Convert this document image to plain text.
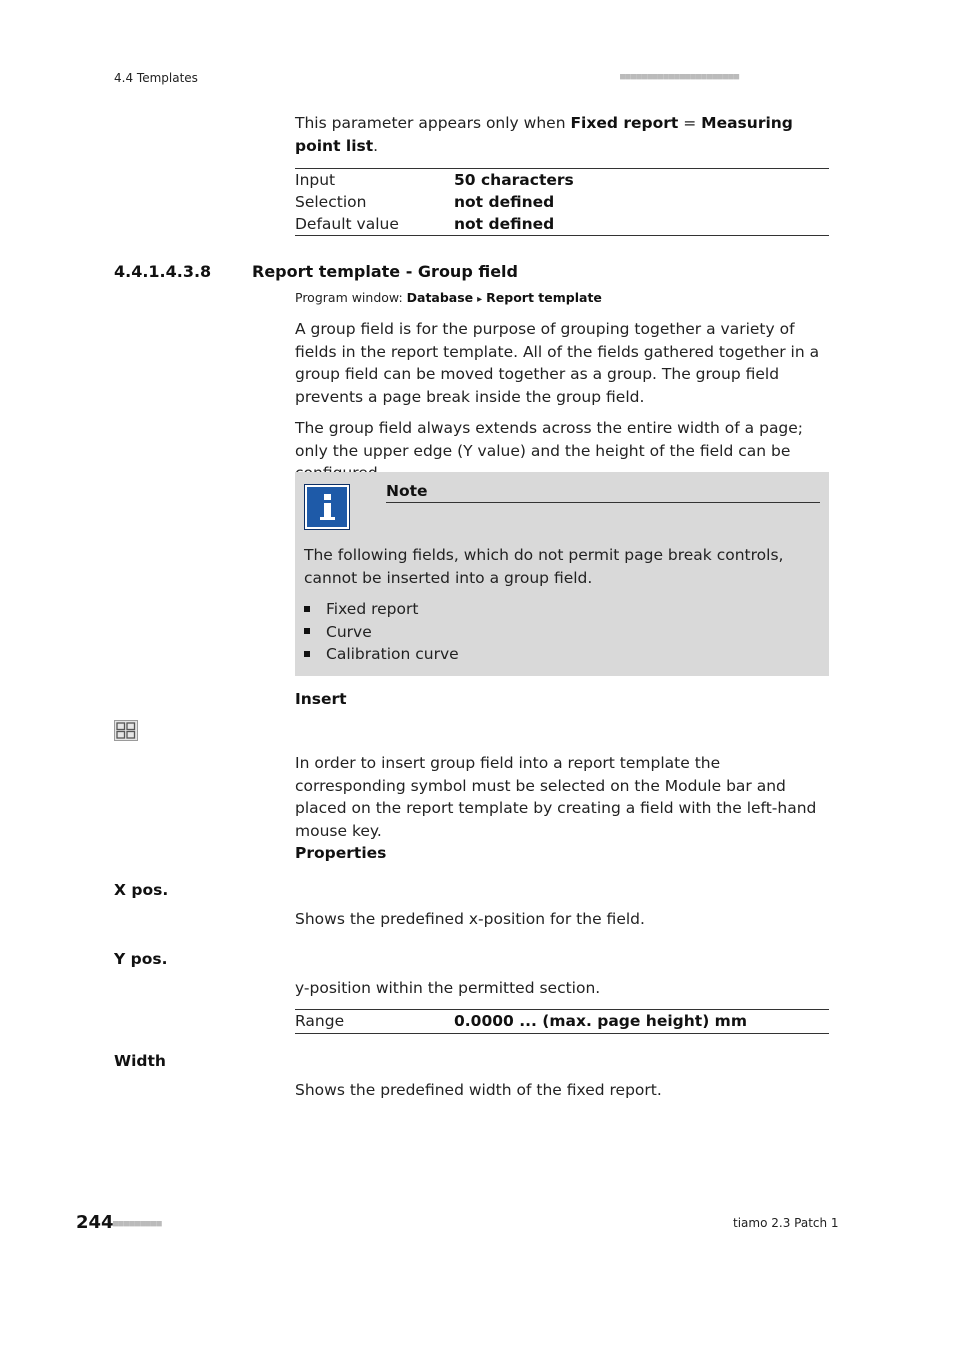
4.4 Templates	■■■■■■■■■■■■■■■■■■■■■■
This parameter appears only when Fixed report = Measuring point list.
Input	50 characters
Selection	not defined
Default value	not defined
4.4.1.4.3.8	Report template - Group field
Program window: Database ▸ Report template
A group field is for the purpose of grouping together a variety of fields in the report template. All of the fields gathered together in a group field can be moved together as a group. The group field prevents a page break inside the group field.
The group field always extends across the entire width of a page; only the upper edge (Y value) and the height of the field can be
Note
The following fields, which do not permit page break controls, cannot be inserted into a group field.
Fixed report
Curve
Calibration curve
Insert
In order to insert group field into a report template the corresponding symbol must be selected on the Module bar and placed on the report template by creating a field with the left-hand mouse key.
Properties
X pos.
Shows the predefined x-position for the field.
Y pos.
y-position within the permitted section.
Range	0.0000 ... (max. page height) mm
Width
Shows the predefined width of the fixed report.
244 ■■■■■■■■■	tiamo 2.3 Patch 1
